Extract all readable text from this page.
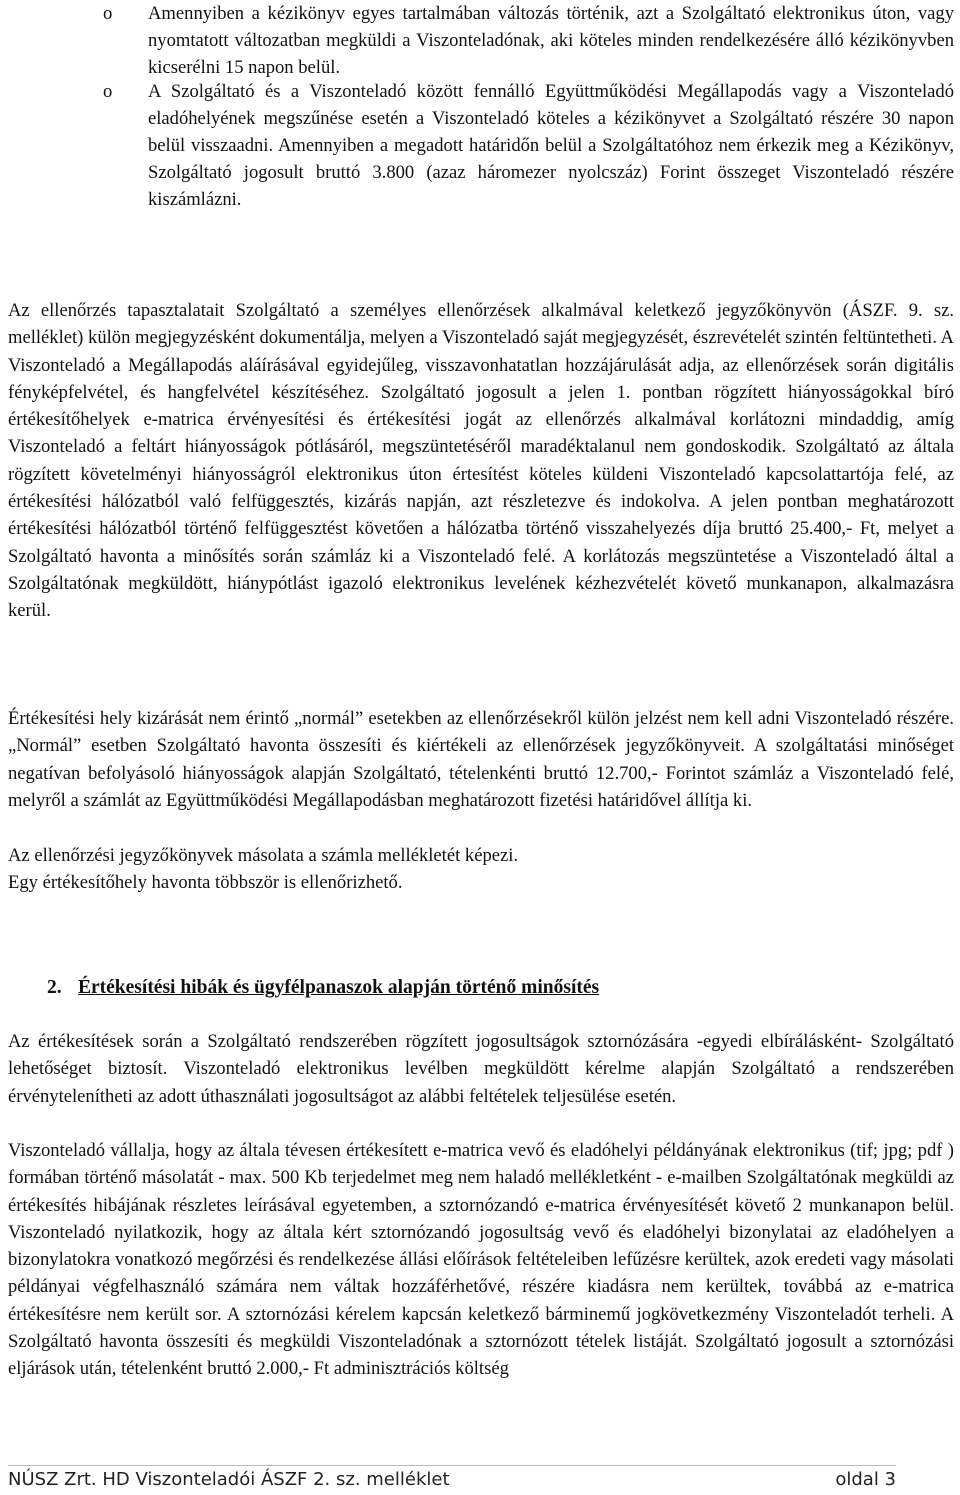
o Amennyiben a kézikönyv egyes tartalmában változás történik, azt a Szolgáltató elektronikus úton, vagy nyomtatott változatban megküldi a Viszonteladónak, aki köteles minden rendelkezésére álló kézikönyvben kicserélni 15 napon belül.

o A Szolgáltató és a Viszonteladó között fennálló Együttműködési Megállapodás vagy a Viszonteladó eladóhelyének megszűnése esetén a Viszonteladó köteles a kézikönyvet a Szolgáltató részére 30 napon belül visszaadni. Amennyiben a megadott határidőn belül a Szolgáltatóhoz nem érkezik meg a Kézikönyv, Szolgáltató jogosult bruttó 3.800 (azaz háromezer nyolcszáz) Forint összeget Viszonteladó részére kiszámlázni.

Az ellenőrzés tapasztalatait Szolgáltató a személyes ellenőrzések alkalmával keletkező jegyzőkönyvön (ÁSZF. 9. sz. melléklet) külön megjegyzésként dokumentálja, melyen a Viszonteladó saját megjegyzését, észrevételét szintén feltüntetheti. A Viszonteladó a Megállapodás aláírásával egyidejűleg, visszavonhatatlan hozzájárulását adja, az ellenőrzések során digitális fényképfelvétel, és hangfelvétel készítéséhez. Szolgáltató jogosult a jelen 1. pontban rögzített hiányosságokkal bíró értékesítőhelyek e-matrica érvényesítési és értékesítési jogát az ellenőrzés alkalmával korlátozni mindaddig, amíg Viszonteladó a feltárt hiányosságok pótlásáról, megszüntetéséről maradéktalanul nem gondoskodik. Szolgáltató az általa rögzített követelményi hiányosságról elektronikus úton értesítést köteles küldeni Viszonteladó kapcsolattartója felé, az értékesítési hálózatból való felfüggesztés, kizárás napján, azt részletezve és indokolva. A jelen pontban meghatározott értékesítési hálózatból történő felfüggesztést követően a hálózatba történő visszahelyezés díja bruttó 25.400,- Ft, melyet a Szolgáltató havonta a minősítés során számláz ki a Viszonteladó felé. A korlátozás megszüntetése a Viszonteladó által a Szolgáltatónak megküldött, hiánypótlást igazoló elektronikus levelének kézhezvételét követő munkanapon, alkalmazásra kerül.

Értékesítési hely kizárását nem érintő „normál” esetekben az ellenőrzésekről külön jelzést nem kell adni Viszonteladó részére. „Normál” esetben Szolgáltató havonta összesíti és kiértékeli az ellenőrzések jegyzőkönyveit. A szolgáltatási minőséget negatívan befolyásoló hiányosságok alapján Szolgáltató, tételenkénti bruttó 12.700,- Forintot számláz a Viszonteladó felé, melyről a számlát az Együttműködési Megállapodásban meghatározott fizetési határidővel állítja ki.

Az ellenőrzési jegyzőkönyvek másolata a számla mellékletét képezi.

Egy értékesítőhely havonta többször is ellenőrizhető.

2. Értékesítési hibák és ügyfélpanaszok alapján történő minősítés

Az értékesítések során a Szolgáltató rendszerében rögzített jogosultságok sztornózására -egyedi elbírálásként- Szolgáltató lehetőséget biztosít. Viszonteladó elektronikus levélben megküldött kérelme alapján Szolgáltató a rendszerében érvénytelenítheti az adott úthasználati jogosultságot az alábbi feltételek teljesülése esetén.

Viszonteladó vállalja, hogy az általa tévesen értékesített e-matrica vevő és eladóhelyi példányának elektronikus (tif; jpg; pdf ) formában történő másolatát - max. 500 Kb terjedelmet meg nem haladó mellékletként - e-mailben Szolgáltatónak megküldi az értékesítés hibájának részletes leírásával egyetemben, a sztornózandó e-matrica érvényesítését követő 2 munkanapon belül. Viszonteladó nyilatkozik, hogy az általa kért sztornózandó jogosultság vevő és eladóhelyi bizonylatai az eladóhelyen a bizonylatokra vonatkozó megőrzési és rendelkezése állási előírások feltételeiben lefűzésre kerültek, azok eredeti vagy másolati példányai végfelhasználó számára nem váltak hozzáférhetővé, részére kiadásra nem kerültek, továbbá az e-matrica értékesítésre nem került sor. A sztornózási kérelem kapcsán keletkező bárminemű jogkövetkezmény Viszonteladót terheli. A Szolgáltató havonta összesíti és megküldi Viszonteladónak a sztornózott tételek listáját. Szolgáltató jogosult a sztornózási eljárások után, tételenként bruttó 2.000,- Ft adminisztrációs költség

NÚSZ Zrt. HD Viszonteladói ÁSZF 2. sz. melléklet	oldal 3
